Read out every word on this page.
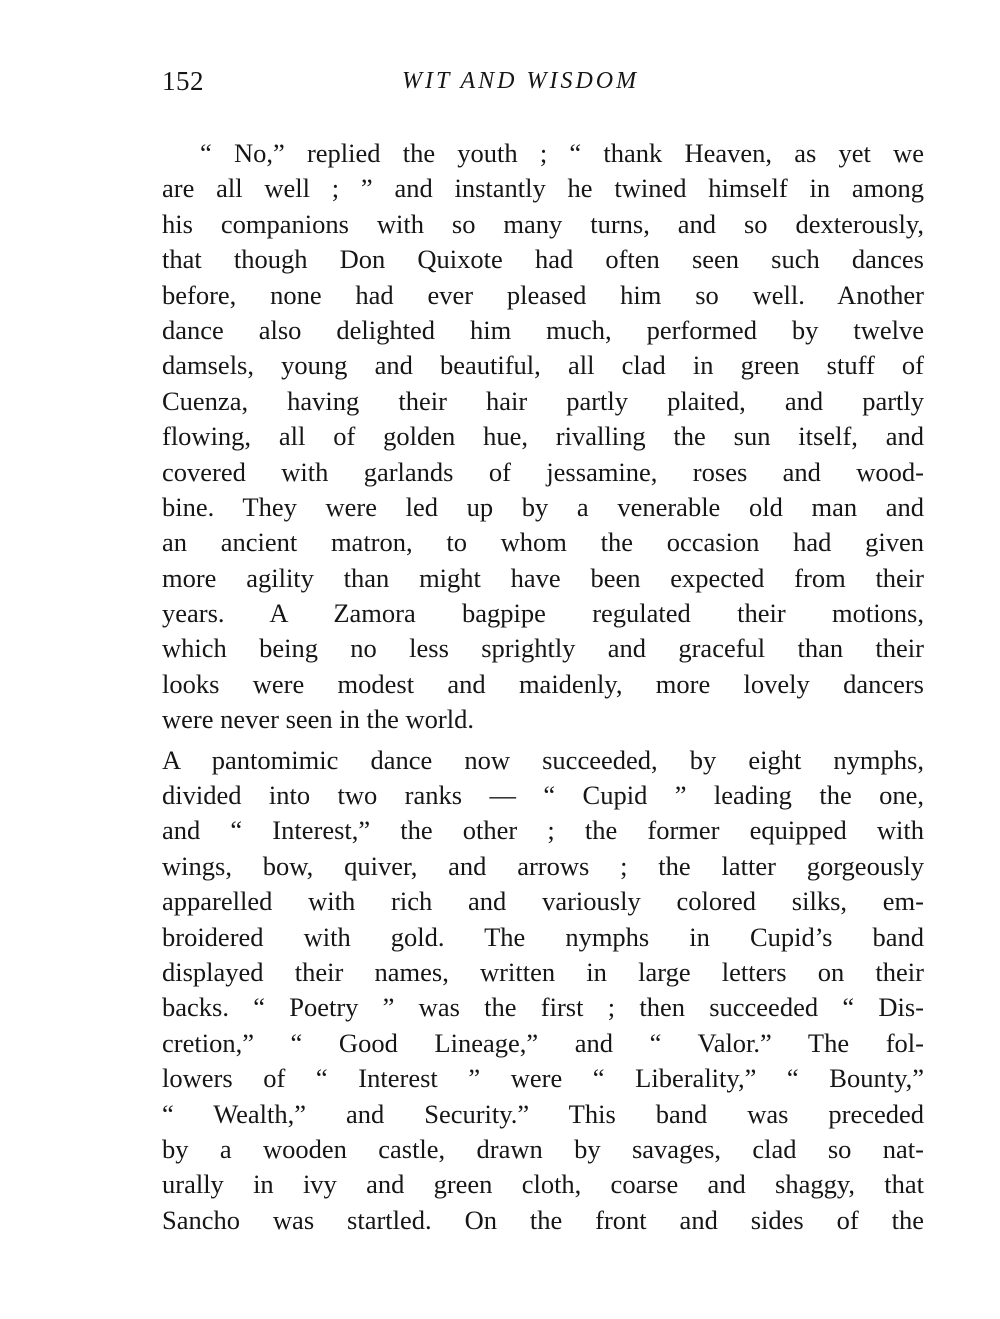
152	WIT AND WISDOM
“ No,” replied the youth ; “ thank Heaven, as yet we
are all well ; ” and instantly he twined himself in among
his companions with so many turns, and so dexterously,
that though Don Quixote had often seen such dances
before, none had ever pleased him so well. Another
dance also delighted him much, performed by twelve
damsels, young and beautiful, all clad in green stuff of
Cuenza, having their hair partly plaited, and partly
flowing, all of golden hue, rivalling the sun itself, and
covered with garlands of jessamine, roses and wood-
bine. They were led up by a venerable old man and
an ancient matron, to whom the occasion had given
more agility than might have been expected from their
years. A Zamora bagpipe regulated their motions,
which being no less sprightly and graceful than their
looks were modest and maidenly, more lovely dancers
were never seen in the world.
A pantomimic dance now succeeded, by eight nymphs,
divided into two ranks — “ Cupid ” leading the one,
and “ Interest,” the other ; the former equipped with
wings, bow, quiver, and arrows ; the latter gorgeously
apparelled with rich and variously colored silks, em-
broidered with gold. The nymphs in Cupid’s band
displayed their names, written in large letters on their
backs. “ Poetry ” was the first ; then succeeded “ Dis-
cretion,” “ Good Lineage,” and “ Valor.” The fol-
lowers of “ Interest ” were “ Liberality,” “ Bounty,”
“ Wealth,” and Security.” This band was preceded
by a wooden castle, drawn by savages, clad so nat-
urally in ivy and green cloth, coarse and shaggy, that
Sancho was startled. On the front and sides of the
